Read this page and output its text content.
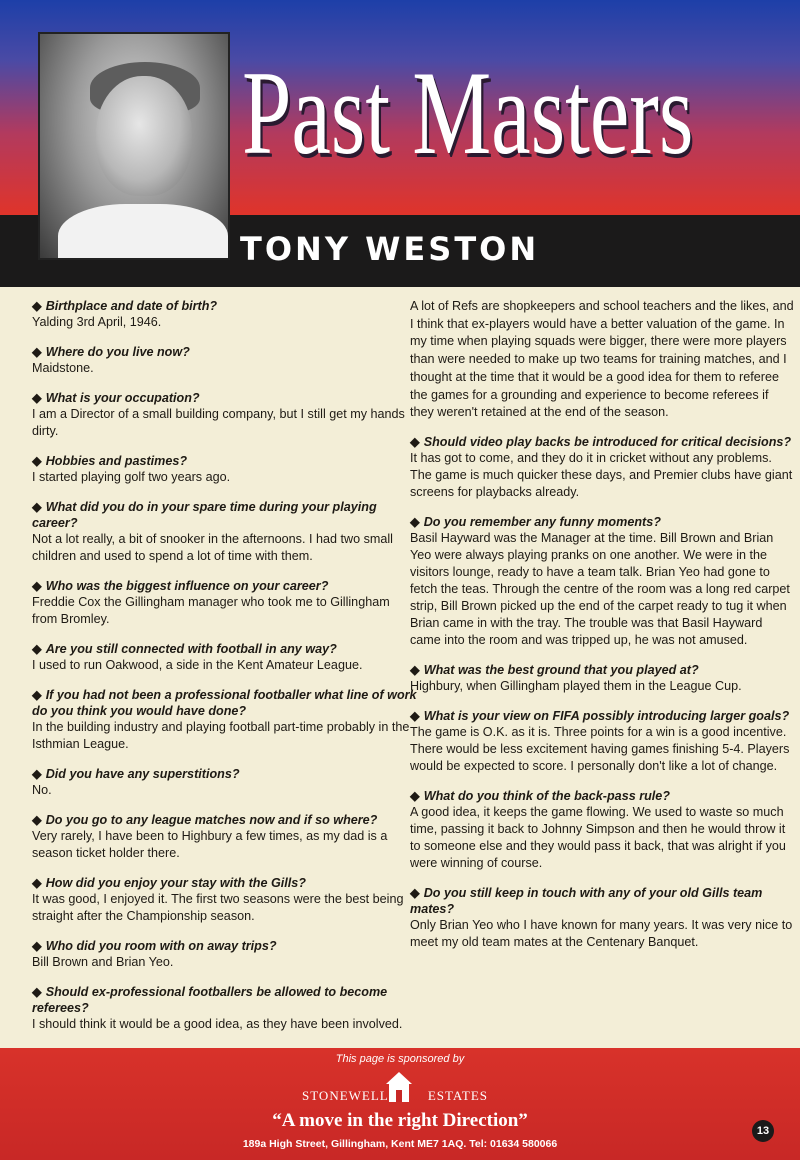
Past Masters
TONY WESTON
◆ Birthplace and date of birth?
Yalding 3rd April, 1946.
◆ Where do you live now?
Maidstone.
◆ What is your occupation?
I am a Director of a small building company, but I still get my hands dirty.
◆ Hobbies and pastimes?
I started playing golf two years ago.
◆ What did you do in your spare time during your playing career?
Not a lot really, a bit of snooker in the afternoons. I had two small children and used to spend a lot of time with them.
◆ Who was the biggest influence on your career?
Freddie Cox the Gillingham manager who took me to Gillingham from Bromley.
◆ Are you still connected with football in any way?
I used to run Oakwood, a side in the Kent Amateur League.
◆ If you had not been a professional footballer what line of work do you think you would have done?
In the building industry and playing football part-time probably in the Isthmian League.
◆ Did you have any superstitions?
No.
◆ Do you go to any league matches now and if so where?
Very rarely, I have been to Highbury a few times, as my dad is a season ticket holder there.
◆ How did you enjoy your stay with the Gills?
It was good, I enjoyed it. The first two seasons were the best being straight after the Championship season.
◆ Who did you room with on away trips?
Bill Brown and Brian Yeo.
◆ Should ex-professional footballers be allowed to become referees?
I should think it would be a good idea, as they have been involved.
A lot of Refs are shopkeepers and school teachers and the likes, and I think that ex-players would have a better valuation of the game. In my time when playing squads were bigger, there were more players than were needed to make up two teams for training matches, and I thought at the time that it would be a good idea for them to referee the games for a grounding and experience to become referees if they weren't retained at the end of the season.
◆ Should video play backs be introduced for critical decisions?
It has got to come, and they do it in cricket without any problems. The game is much quicker these days, and Premier clubs have giant screens for playbacks already.
◆ Do you remember any funny moments?
Basil Hayward was the Manager at the time. Bill Brown and Brian Yeo were always playing pranks on one another. We were in the visitors lounge, ready to have a team talk. Brian Yeo had gone to fetch the teas. Through the centre of the room was a long red carpet strip, Bill Brown picked up the end of the carpet ready to tug it when Brian came in with the tray. The trouble was that Basil Hayward came into the room and was tripped up, he was not amused.
◆ What was the best ground that you played at?
Highbury, when Gillingham played them in the League Cup.
◆ What is your view on FIFA possibly introducing larger goals?
The game is O.K. as it is. Three points for a win is a good incentive. There would be less excitement having games finishing 5-4. Players would be expected to score. I personally don't like a lot of change.
◆ What do you think of the back-pass rule?
A good idea, it keeps the game flowing. We used to waste so much time, passing it back to Johnny Simpson and then he would throw it to someone else and they would pass it back, that was alright if you were winning of course.
◆ Do you still keep in touch with any of your old Gills team mates?
Only Brian Yeo who I have known for many years. It was very nice to meet my old team mates at the Centenary Banquet.
This page is sponsored by
STONEWELL	ESTATES
“A move in the right Direction”
189a High Street, Gillingham, Kent ME7 1AQ. Tel: 01634 580066
13
